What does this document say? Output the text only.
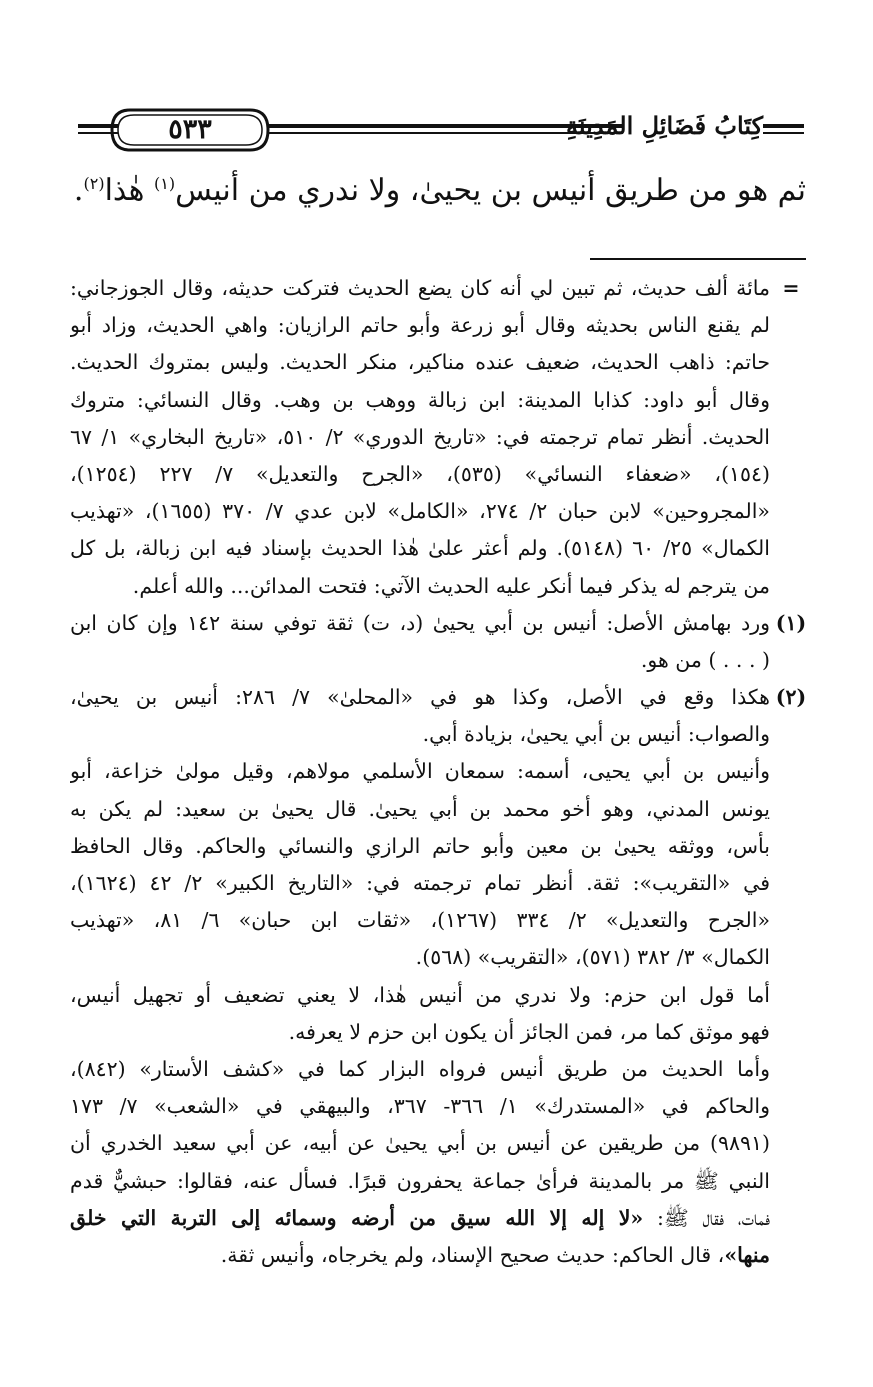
٥٣٣	كِتَابُ فَضَائِلِ المَدِينَةِ
ثم هو من طريق أنيس بن يحيىٰ، ولا ندري من أنيس$^{(١)}$ هٰذا$^{(٢)}$.
=
مائة ألف حديث، ثم تبين لي أنه كان يضع الحديث فتركت حديثه، وقال الجوزجاني:
لم يقنع الناس بحديثه وقال أبو زرعة وأبو حاتم الرازيان: واهي الحديث، وزاد أبو
حاتم: ذاهب الحديث، ضعيف عنده مناكير، منكر الحديث. وليس بمتروك الحديث.
وقال أبو داود: كذابا المدينة: ابن زبالة ووهب بن وهب. وقال النسائي: متروك
الحديث. أنظر تمام ترجمته في: «تاريخ الدوري» ٢/ ٥١٠، «تاريخ البخاري» ١/ ٦٧
(١٥٤)، «ضعفاء النسائي» (٥٣٥)، «الجرح والتعديل» ٧/ ٢٢٧ (١٢٥٤)،
«المجروحين» لابن حبان ٢/ ٢٧٤، «الكامل» لابن عدي ٧/ ٣٧٠ (١٦٥٥)، «تهذيب
الكمال» ٢٥/ ٦٠ (٥١٤٨). ولم أعثر علىٰ هٰذا الحديث بإسناد فيه ابن زبالة، بل كل
من يترجم له يذكر فيما أنكر عليه الحديث الآتي: فتحت المدائن... والله أعلم.
(١)
ورد بهامش الأصل: أنيس بن أبي يحيىٰ (د، ت) ثقة توفي سنة ١٤٢ وإن كان ابن
( . . . ) من هو.
(٢)
هكذا وقع في الأصل، وكذا هو في «المحلىٰ» ٧/ ٢٨٦: أنيس بن يحيىٰ،
والصواب: أنيس بن أبي يحيىٰ، بزيادة أبي.
وأنيس بن أبي يحيى، أسمه: سمعان الأسلمي مولاهم، وقيل مولىٰ خزاعة، أبو
يونس المدني، وهو أخو محمد بن أبي يحيىٰ. قال يحيىٰ بن سعيد: لم يكن به
بأس، ووثقه يحيىٰ بن معين وأبو حاتم الرازي والنسائي والحاكم. وقال الحافظ
في «التقريب»: ثقة. أنظر تمام ترجمته في: «التاريخ الكبير» ٢/ ٤٢ (١٦٢٤)،
«الجرح والتعديل» ٢/ ٣٣٤ (١٢٦٧)، «ثقات ابن حبان» ٦/ ٨١، «تهذيب
الكمال» ٣/ ٣٨٢ (٥٧١)، «التقريب» (٥٦٨).
أما قول ابن حزم: ولا ندري من أنيس هٰذا، لا يعني تضعيف أو تجهيل أنيس،
فهو موثق كما مر، فمن الجائز أن يكون ابن حزم لا يعرفه.
وأما الحديث من طريق أنيس فرواه البزار كما في «كشف الأستار» (٨٤٢)،
والحاكم في «المستدرك» ١/ ٣٦٦- ٣٦٧، والبيهقي في «الشعب» ٧/ ١٧٣
(٩٨٩١) من طريقين عن أنيس بن أبي يحيىٰ عن أبيه، عن أبي سعيد الخدري أن
النبي ﷺ مر بالمدينة فرأىٰ جماعة يحفرون قبرًا. فسأل عنه، فقالوا: حبشيٌّ قدم
فمات، فقال ﷺ: «لا إله إلا الله سيق من أرضه وسمائه إلى التربة التي خلق
منها»، قال الحاكم: حديث صحيح الإسناد، ولم يخرجاه، وأنيس ثقة.
